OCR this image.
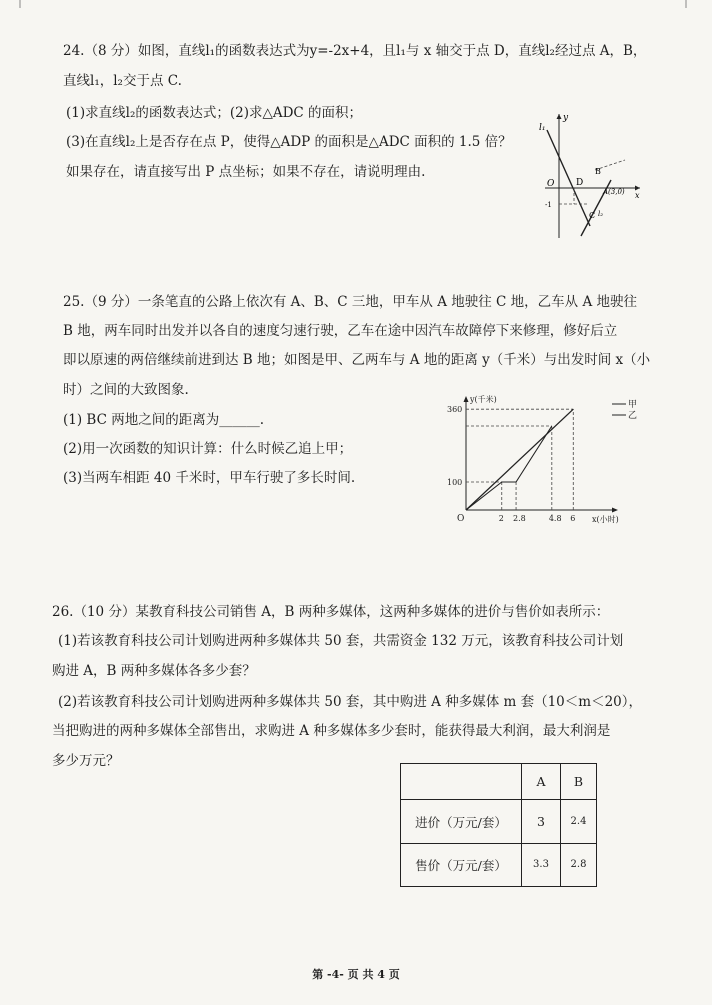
24.（8 分）如图，直线l₁的函数表达式为y=-2x+4，且l₁与 x 轴交于点 D，直线l₂经过点 A，B，
直线l₁，l₂交于点 C.
(1)求直线l₂的函数表达式；(2)求△ADC 的面积；
(3)在直线l₂上是否存在点 P，使得△ADP 的面积是△ADC 面积的 1.5 倍？
如果存在，请直接写出 P 点坐标；如果不存在，请说明理由.
l₁
y
O D
B
A(3,0) x
C
-1
l₂
25.（9 分）一条笔直的公路上依次有 A、B、C 三地，甲车从 A 地驶往 C 地，乙车从 A 地驶往
B 地，两车同时出发并以各自的速度匀速行驶，乙车在途中因汽车故障停下来修理，修好后立
即以原速的两倍继续前进到达 B 地；如图是甲、乙两车与 A 地的距离 y（千米）与出发时间 x（小
时）之间的大致图象.
(1) BC 两地之间的距离为______.
(2)用一次函数的知识计算：什么时候乙追上甲；
(3)当两车相距 40 千米时，甲车行驶了多长时间.
y(千米)
x(小时)
360
100
O	2 2.8	4.8 6
甲
乙
26.（10 分）某教育科技公司销售 A，B 两种多媒体，这两种多媒体的进价与售价如表所示：
(1)若该教育科技公司计划购进两种多媒体共 50 套，共需资金 132 万元，该教育科技公司计划
购进 A，B 两种多媒体各多少套？
(2)若该教育科技公司计划购进两种多媒体共 50 套，其中购进 A 种多媒体 m 套（10＜m＜20），
当把购进的两种多媒体全部售出，求购进 A 种多媒体多少套时，能获得最大利润，最大利润是
多少万元？
	A	B
进价（万元/套）	3	2.4
售价（万元/套）	3.3	2.8
第 -4- 页 共 4 页
